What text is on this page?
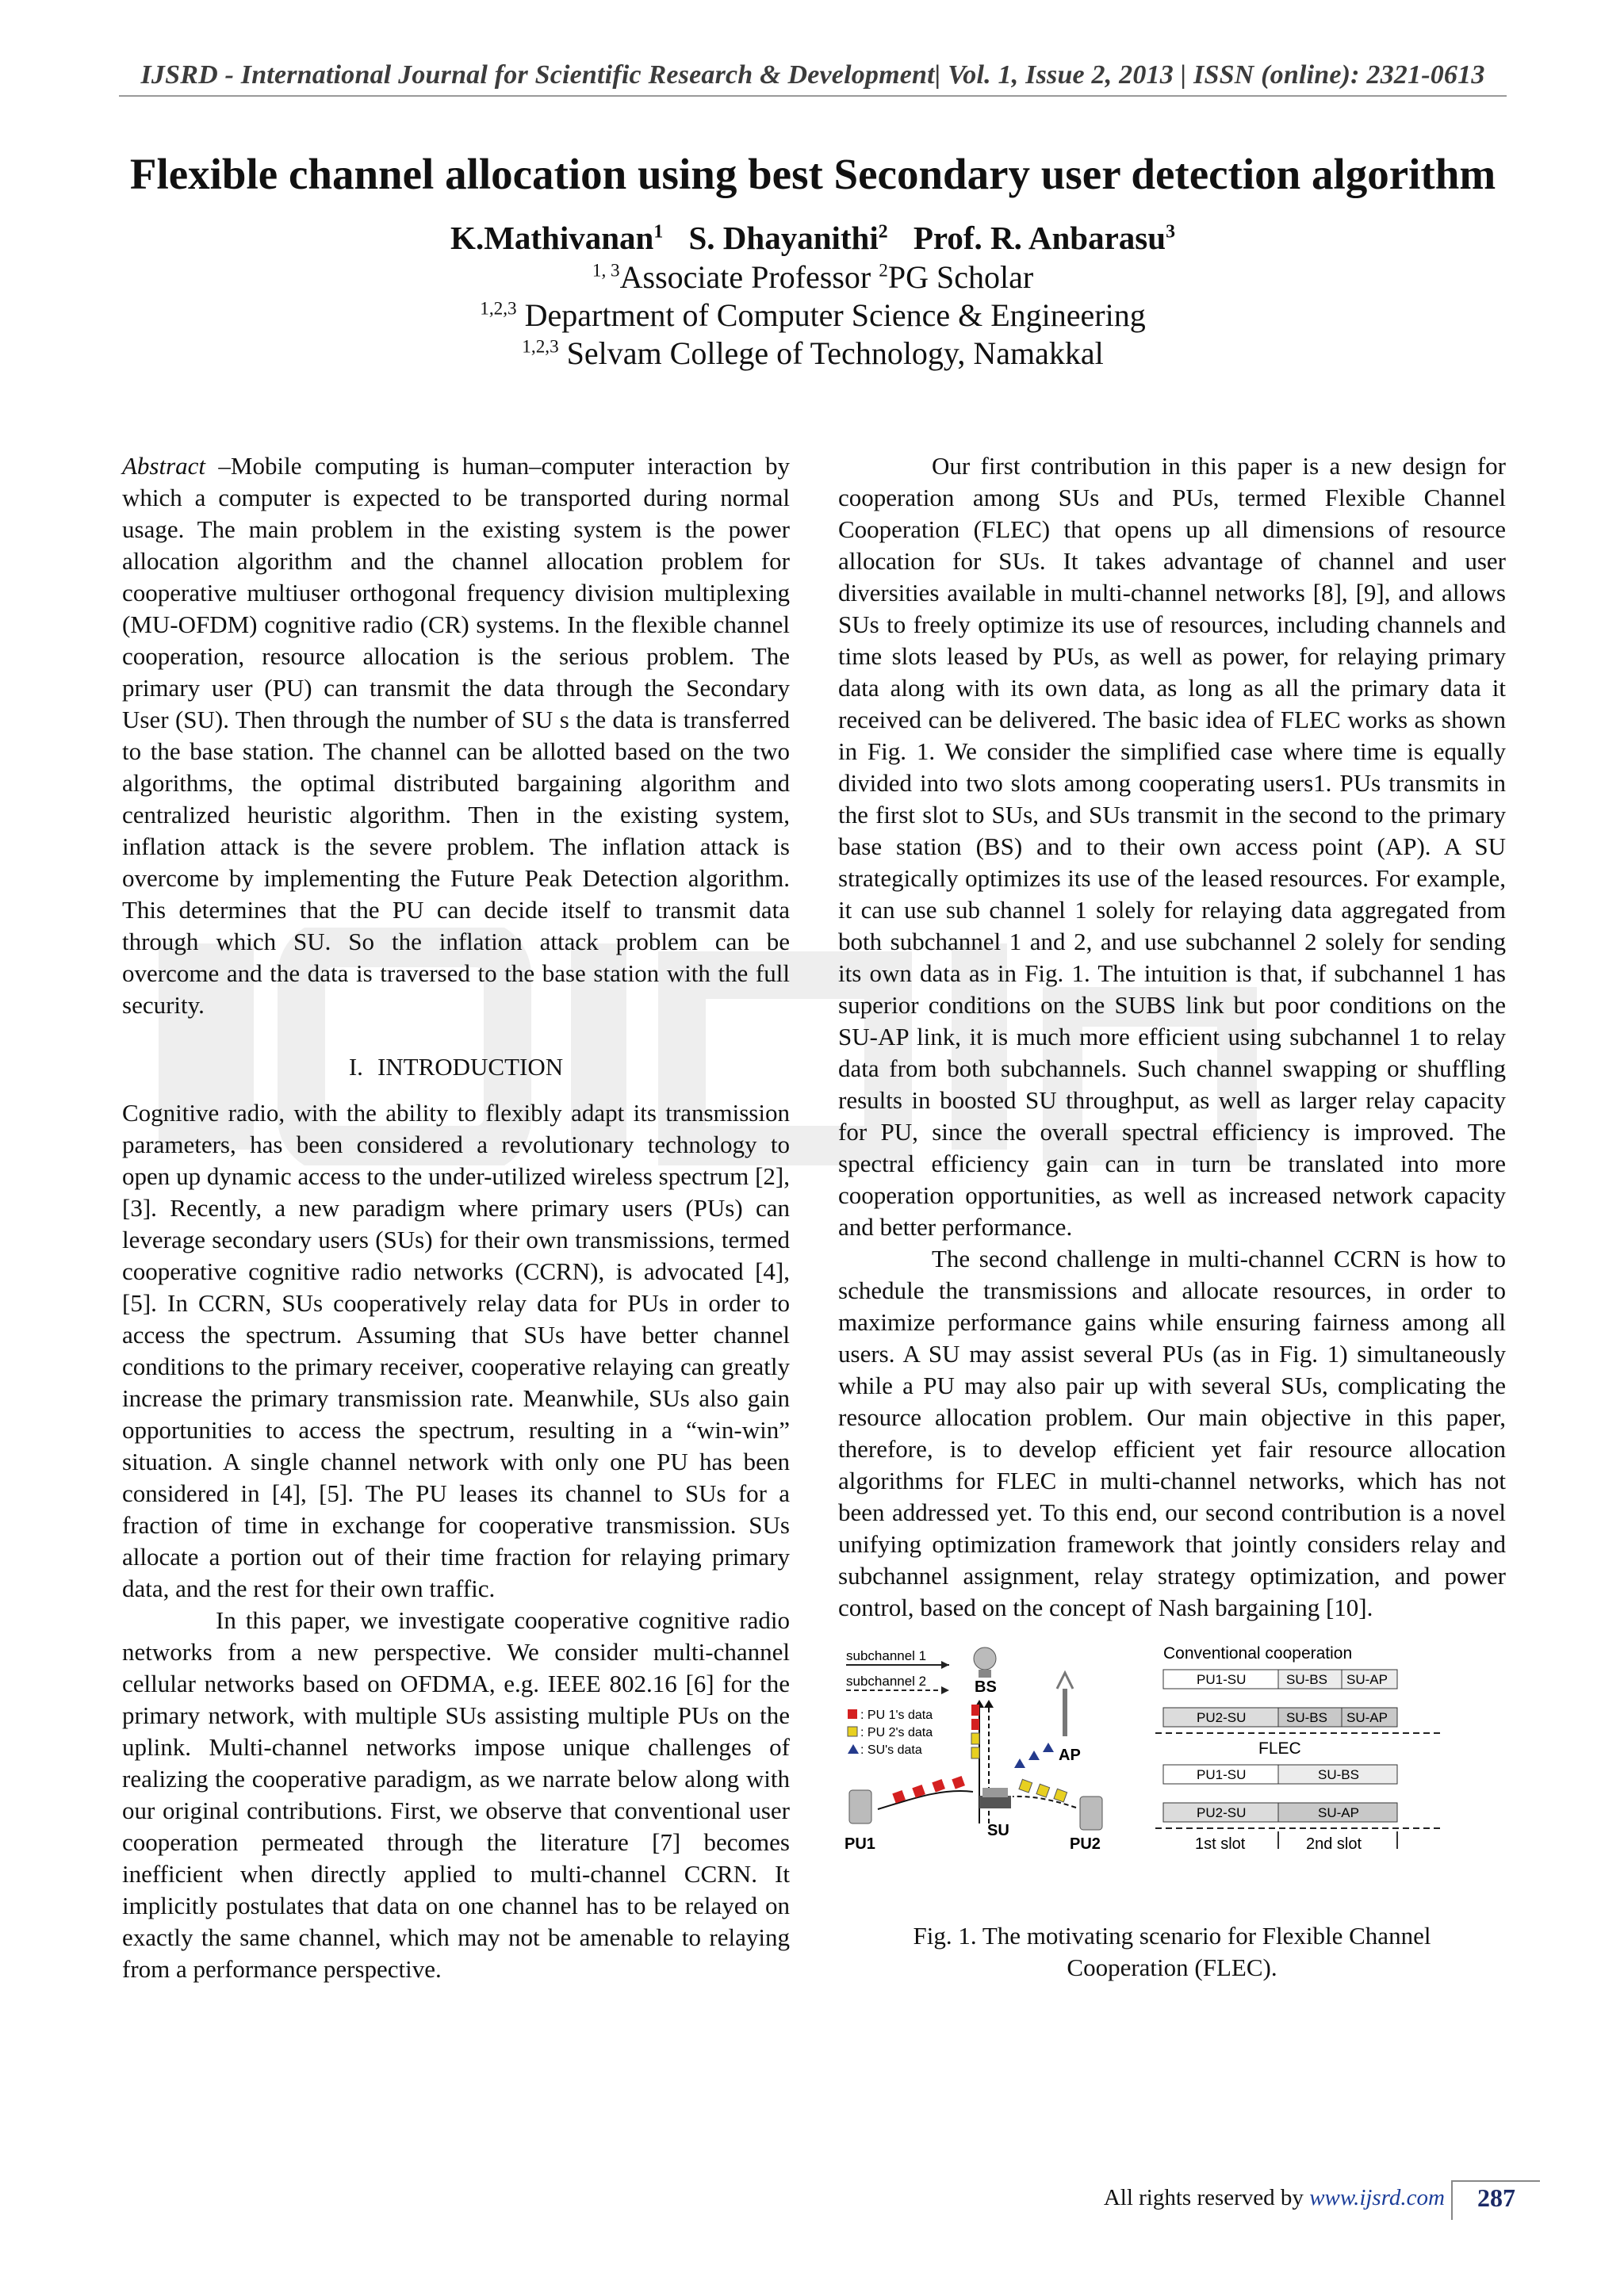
IJSRD - International Journal for Scientific Research & Development| Vol. 1, Issue 2, 2013 | ISSN (online): 2321-0613
Flexible channel allocation using best Secondary user detection algorithm
K.Mathivanan$^1$ S. Dhayanithi$^2$ Prof. R. Anbarasu$^3$
$^{1, 3}$Associate Professor $^2$PG Scholar
$^{1,2,3}$ Department of Computer Science & Engineering
$^{1,2,3}$ Selvam College of Technology, Namakkal

Abstract –Mobile computing is human–computer interaction by which a computer is expected to be transported during normal usage. The main problem in the existing system is the power allocation algorithm and the channel allocation problem for cooperative multiuser orthogonal frequency division multiplexing (MU-OFDM) cognitive radio (CR) systems. In the flexible channel cooperation, resource allocation is the serious problem. The primary user (PU) can transmit the data through the Secondary User (SU). Then through the number of SU s the data is transferred to the base station. The channel can be allotted based on the two algorithms, the optimal distributed bargaining algorithm and centralized heuristic algorithm. Then in the existing system, inflation attack is the severe problem. The inflation attack is overcome by implementing the Future Peak Detection algorithm. This determines that the PU can decide itself to transmit data through which SU. So the inflation attack problem can be overcome and the data is traversed to the base station with the full security.

I. INTRODUCTION

Cognitive radio, with the ability to flexibly adapt its transmission parameters, has been considered a revolutionary technology to open up dynamic access to the under-utilized wireless spectrum [2], [3]. Recently, a new paradigm where primary users (PUs) can leverage secondary users (SUs) for their own transmissions, termed cooperative cognitive radio networks (CCRN), is advocated [4], [5]. In CCRN, SUs cooperatively relay data for PUs in order to access the spectrum. Assuming that SUs have better channel conditions to the primary receiver, cooperative relaying can greatly increase the primary transmission rate. Meanwhile, SUs also gain opportunities to access the spectrum, resulting in a “win-win” situation. A single channel network with only one PU has been considered in [4], [5]. The PU leases its channel to SUs for a fraction of time in exchange for cooperative transmission. SUs allocate a portion out of their time fraction for relaying primary data, and the rest for their own traffic.

In this paper, we investigate cooperative cognitive radio networks from a new perspective. We consider multi-channel cellular networks based on OFDMA, e.g. IEEE 802.16 [6] for the primary network, with multiple SUs assisting multiple PUs on the uplink. Multi-channel networks impose unique challenges of realizing the cooperative paradigm, as we narrate below along with our original contributions. First, we observe that conventional user cooperation permeated through the literature [7] becomes inefficient when directly applied to multi-channel CCRN. It implicitly postulates that data on one channel has to be relayed on exactly the same channel, which may not be amenable to relaying from a performance perspective.

Our first contribution in this paper is a new design for cooperation among SUs and PUs, termed Flexible Channel Cooperation (FLEC) that opens up all dimensions of resource allocation for SUs. It takes advantage of channel and user diversities available in multi-channel networks [8], [9], and allows SUs to freely optimize its use of resources, including channels and time slots leased by PUs, as well as power, for relaying primary data along with its own data, as long as all the primary data it received can be delivered. The basic idea of FLEC works as shown in Fig. 1. We consider the simplified case where time is equally divided into two slots among cooperating users1. PUs transmits in the first slot to SUs, and SUs transmit in the second to the primary base station (BS) and to their own access point (AP). A SU strategically optimizes its use of the leased resources. For example, it can use sub channel 1 solely for relaying data aggregated from both subchannel 1 and 2, and use subchannel 2 solely for sending its own data as in Fig. 1. The intuition is that, if subchannel 1 has superior conditions on the SUBS link but poor conditions on the SU-AP link, it is much more efficient using subchannel 1 to relay data from both subchannels. Such channel swapping or shuffling results in boosted SU throughput, as well as larger relay capacity for PU, since the overall spectral efficiency is improved. The spectral efficiency gain can in turn be translated into more cooperation opportunities, as well as increased network capacity and better performance.

The second challenge in multi-channel CCRN is how to schedule the transmissions and allocate resources, in order to maximize performance gains while ensuring fairness among all users. A SU may assist several PUs (as in Fig. 1) simultaneously while a PU may also pair up with several SUs, complicating the resource allocation problem. Our main objective in this paper, therefore, is to develop efficient yet fair resource allocation algorithms for FLEC in multi-channel networks, which has not been addressed yet. To this end, our second contribution is a novel unifying optimization framework that jointly considers relay and subchannel assignment, relay strategy optimization, and power control, based on the concept of Nash bargaining [10].

subchannel 1
subchannel 2
: PU 1's data
: PU 2's data
: SU's data
BS
AP
SU
PU1	PU2
Conventional cooperation
PU1-SU	SU-BS SU-AP
PU2-SU	SU-BS SU-AP
FLEC
PU1-SU	SU-BS
PU2-SU	SU-AP
1st slot	2nd slot
Fig. 1. The motivating scenario for Flexible Channel Cooperation (FLEC).
All rights reserved by www.ijsrd.com	287
